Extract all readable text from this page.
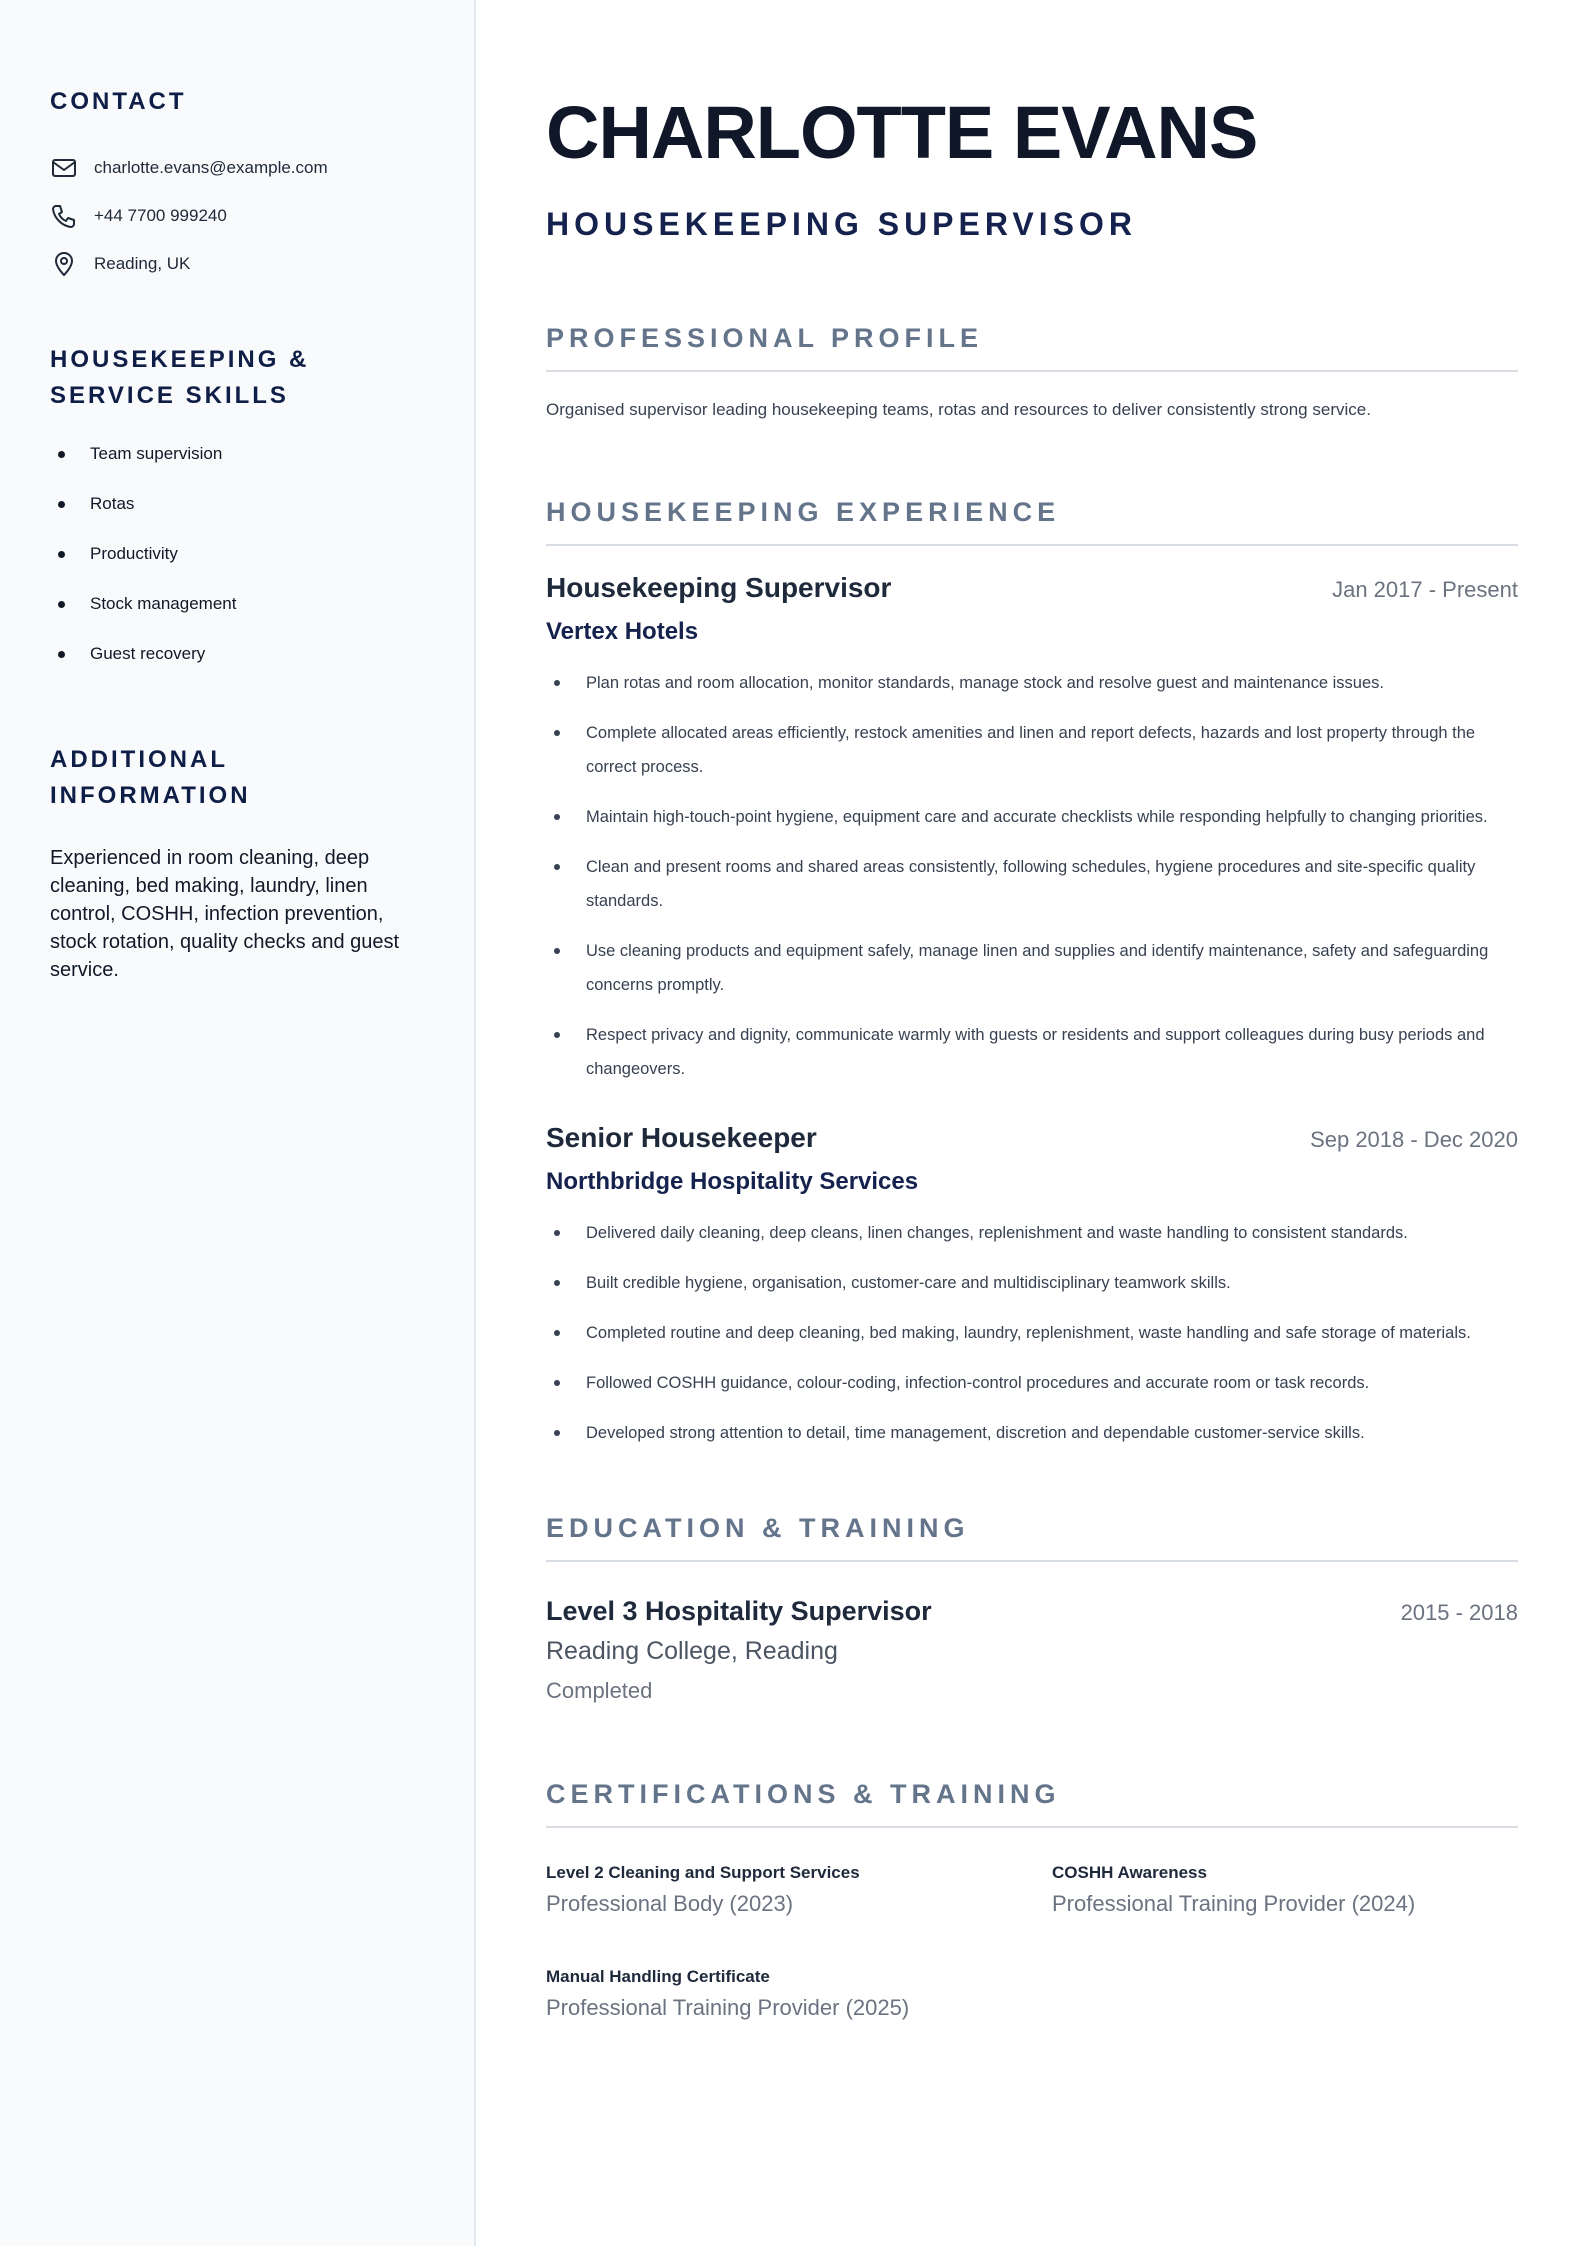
CONTACT
charlotte.evans@example.com
+44 7700 999240
Reading, UK
HOUSEKEEPING & SERVICE SKILLS
Team supervision
Rotas
Productivity
Stock management
Guest recovery
ADDITIONAL INFORMATION
Experienced in room cleaning, deep cleaning, bed making, laundry, linen control, COSHH, infection prevention, stock rotation, quality checks and guest service.
CHARLOTTE EVANS
HOUSEKEEPING SUPERVISOR
PROFESSIONAL PROFILE
Organised supervisor leading housekeeping teams, rotas and resources to deliver consistently strong service.
HOUSEKEEPING EXPERIENCE
Housekeeping Supervisor	Jan 2017 - Present
Vertex Hotels
Plan rotas and room allocation, monitor standards, manage stock and resolve guest and maintenance issues.
Complete allocated areas efficiently, restock amenities and linen and report defects, hazards and lost property through the correct process.
Maintain high-touch-point hygiene, equipment care and accurate checklists while responding helpfully to changing priorities.
Clean and present rooms and shared areas consistently, following schedules, hygiene procedures and site-specific quality standards.
Use cleaning products and equipment safely, manage linen and supplies and identify maintenance, safety and safeguarding concerns promptly.
Respect privacy and dignity, communicate warmly with guests or residents and support colleagues during busy periods and changeovers.
Senior Housekeeper	Sep 2018 - Dec 2020
Northbridge Hospitality Services
Delivered daily cleaning, deep cleans, linen changes, replenishment and waste handling to consistent standards.
Built credible hygiene, organisation, customer-care and multidisciplinary teamwork skills.
Completed routine and deep cleaning, bed making, laundry, replenishment, waste handling and safe storage of materials.
Followed COSHH guidance, colour-coding, infection-control procedures and accurate room or task records.
Developed strong attention to detail, time management, discretion and dependable customer-service skills.
EDUCATION & TRAINING
Level 3 Hospitality Supervisor	2015 - 2018
Reading College, Reading
Completed
CERTIFICATIONS & TRAINING
Level 2 Cleaning and Support Services
Professional Body (2023)
COSHH Awareness
Professional Training Provider (2024)
Manual Handling Certificate
Professional Training Provider (2025)
